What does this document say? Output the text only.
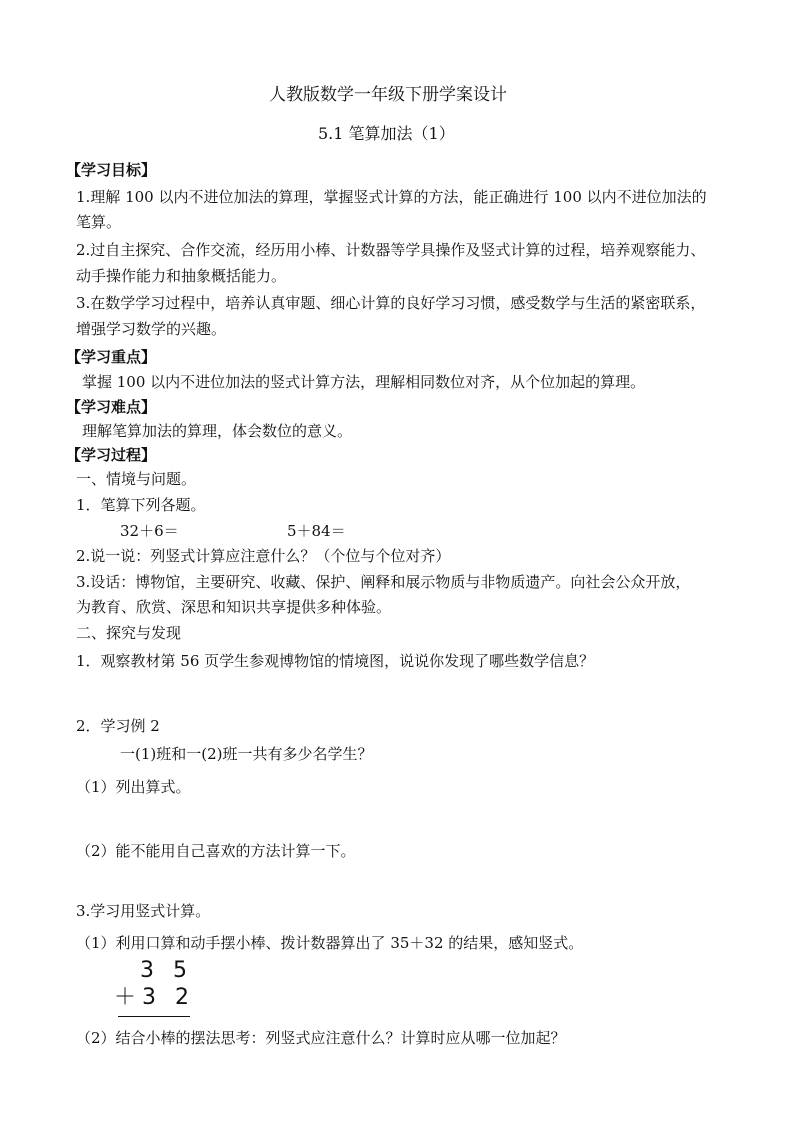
人教版数学一年级下册学案设计
5.1 笔算加法（1）
【学习目标】
1.理解 100 以内不进位加法的算理，掌握竖式计算的方法，能正确进行 100 以内不进位加法的
笔算。
2.过自主探究、合作交流，经历用小棒、计数器等学具操作及竖式计算的过程，培养观察能力、
动手操作能力和抽象概括能力。
3.在数学学习过程中，培养认真审题、细心计算的良好学习习惯，感受数学与生活的紧密联系，
增强学习数学的兴趣。
【学习重点】
掌握 100 以内不进位加法的竖式计算方法，理解相同数位对齐，从个位加起的算理。
【学习难点】
理解笔算加法的算理，体会数位的意义。
【学习过程】
一、情境与问题。
1．笔算下列各题。
32＋6＝	5＋84＝
2.说一说：列竖式计算应注意什么？（个位与个位对齐）
3.设话：博物馆，主要研究、收藏、保护、阐释和展示物质与非物质遗产。向社会公众开放，
为教育、欣赏、深思和知识共享提供多种体验。
二、探究与发现
1．观察教材第 56 页学生参观博物馆的情境图，说说你发现了哪些数学信息？
2．学习例 2
一(1)班和一(2)班一共有多少名学生？
（1）列出算式。
（2）能不能用自己喜欢的方法计算一下。
3.学习用竖式计算。
（1）利用口算和动手摆小棒、拨计数器算出了 35＋32 的结果，感知竖式。
3 5
＋3 2
（2）结合小棒的摆法思考：列竖式应注意什么？计算时应从哪一位加起？
